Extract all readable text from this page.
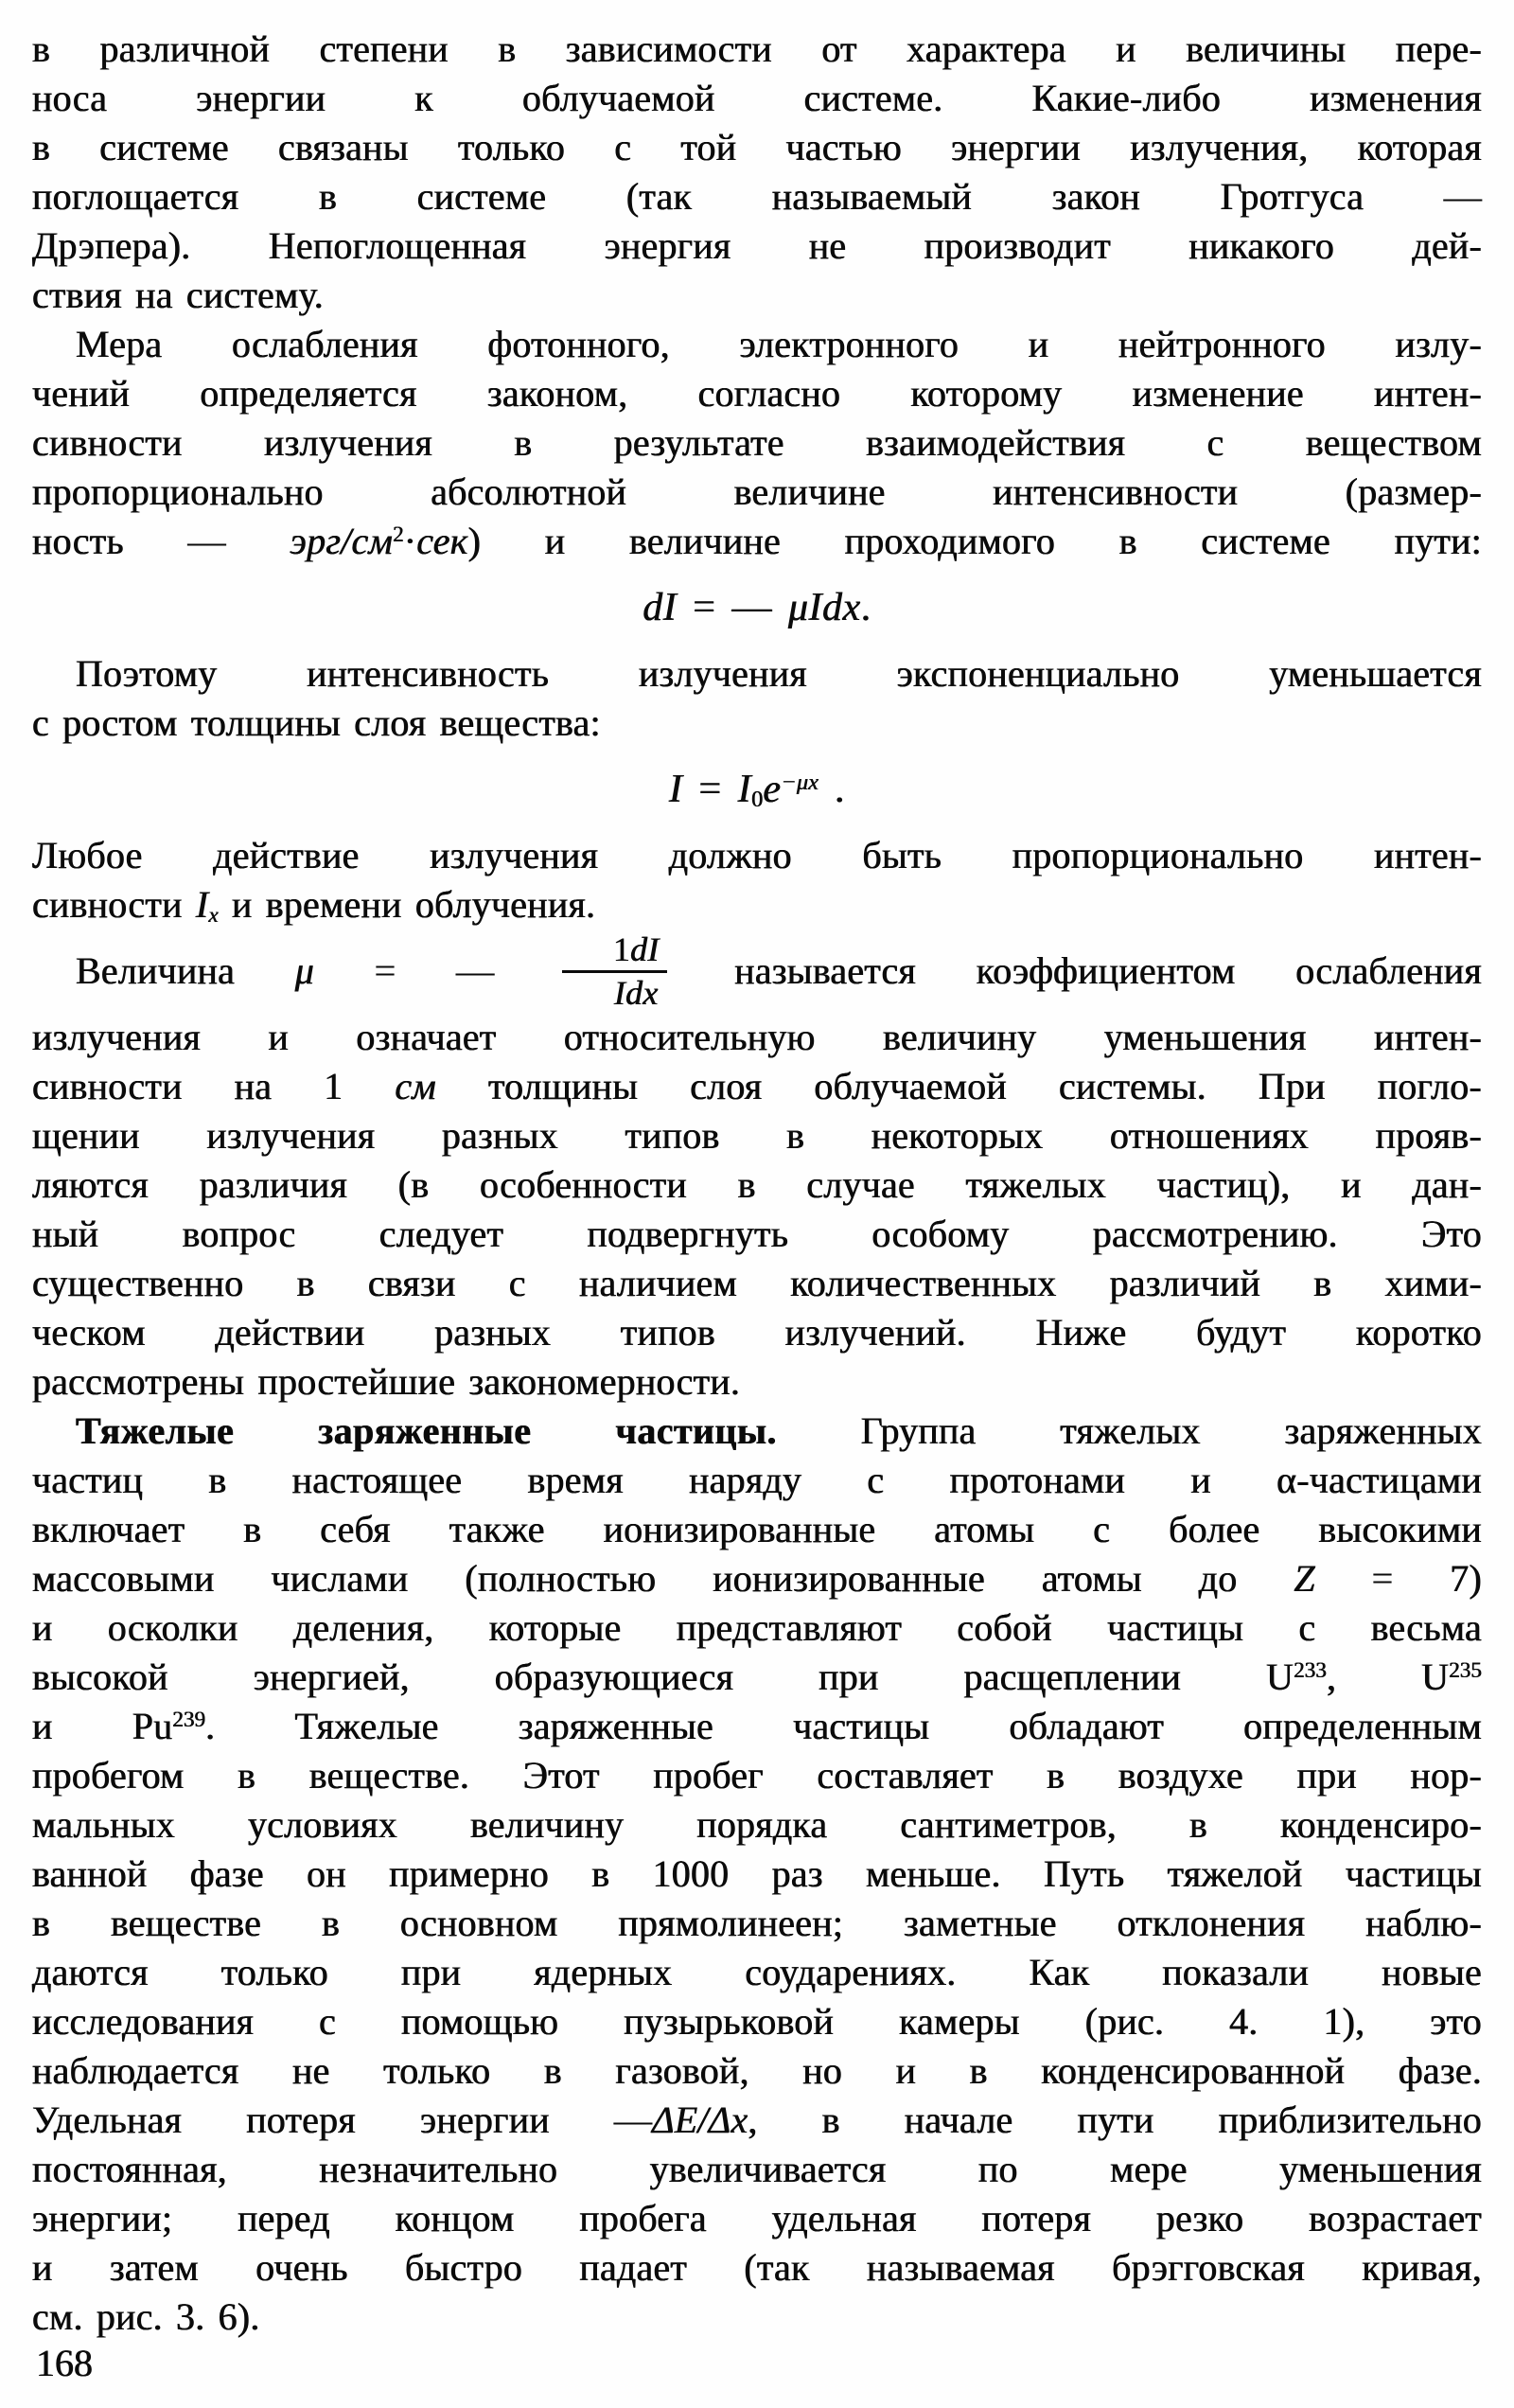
в различной степени в зависимости от характера и величины пере-
носа энергии к облучаемой системе. Какие-либо изменения
в системе связаны только с той частью энергии излучения, которая
поглощается в системе (так называемый закон Гротгуса —
Дрэпера). Непоглощенная энергия не производит никакого дей-
ствия на систему.
Мера ослабления фотонного, электронного и нейтронного излу-
чений определяется законом, согласно которому изменение интен-
сивности излучения в результате взаимодействия с веществом
пропорционально абсолютной величине интенсивности (размер-
ность — эрг/$см^2\cdot сек$) и величине проходимого в системе пути:
dI = — μIdx.
Поэтому интенсивность излучения экспоненциально уменьшается
с ростом толщины слоя вещества:
$I = I0e^{-\mu x}$ .
Любое действие излучения должно быть пропорционально интен-
сивности Ix и времени облучения.
Величина μ = — $\frac{1dI}{\text{Idx}}$ называется коэффициентом ослабления
излучения и означает относительную величину уменьшения интен-
сивности на 1 см толщины слоя облучаемой системы. При погло-
щении излучения разных типов в некоторых отношениях прояв-
ляются различия (в особенности в случае тяжелых частиц), и дан-
ный вопрос следует подвергнуть особому рассмотрению. Это
существенно в связи с наличием количественных различий в хими-
ческом действии разных типов излучений. Ниже будут коротко
рассмотрены простейшие закономерности.
Тяжелые заряженные частицы. Группа тяжелых заряженных
частиц в настоящее время наряду с протонами и α-частицами
включает в себя также ионизированные атомы с более высокими
массовыми числами (полностью ионизированные атомы до Z = 7)
и осколки деления, которые представляют собой частицы с весьма
высокой энергией, образующиеся при расщеплении $U^{233}$, $U^{235}$
и Pu$^{239}$. Тяжелые заряженные частицы обладают определенным
пробегом в веществе. Этот пробег составляет в воздухе при нор-
мальных условиях величину порядка сантиметров, в конденсиро-
ванной фазе он примерно в 1000 раз меньше. Путь тяжелой частицы
в веществе в основном прямолинеен; заметные отклонения наблю-
даются только при ядерных соударениях. Как показали новые
исследования с помощью пузырьковой камеры (рис. 4. 1), это
наблюдается не только в газовой, но и в конденсированной фазе.
Удельная потеря энергии —ΔE/Δx, в начале пути приблизительно
постоянная, незначительно увеличивается по мере уменьшения
энергии; перед концом пробега удельная потеря резко возрастает
и затем очень быстро падает (так называемая брэгговская кривая,
см. рис. 3. 6).
168
